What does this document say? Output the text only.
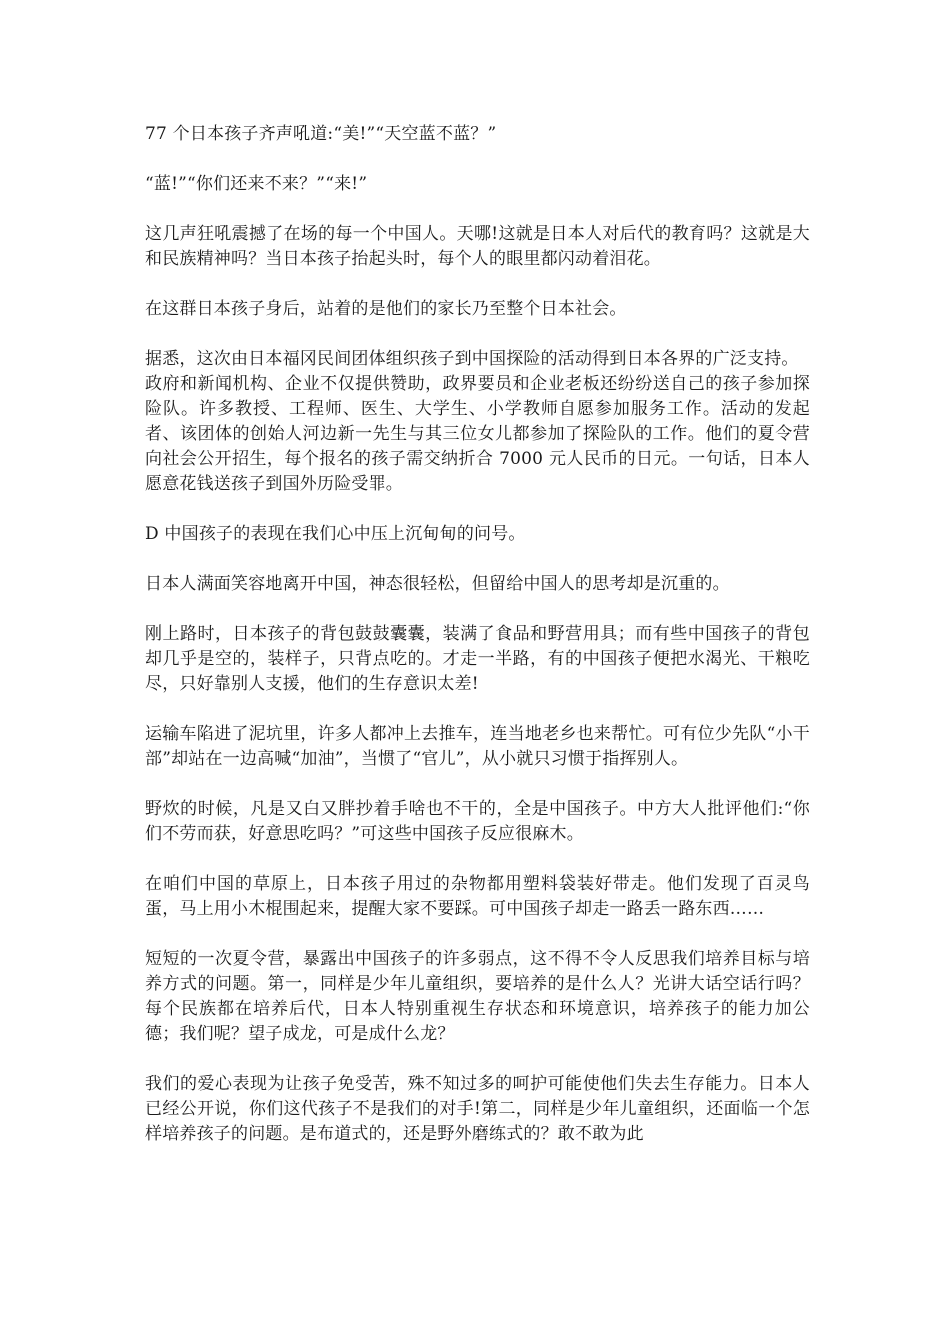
77 个日本孩子齐声吼道:“美!”“天空蓝不蓝？”

“蓝!”“你们还来不来？”“来!”

这几声狂吼震撼了在场的每一个中国人。天哪!这就是日本人对后代的教育吗？这就是大和民族精神吗？当日本孩子抬起头时，每个人的眼里都闪动着泪花。

在这群日本孩子身后，站着的是他们的家长乃至整个日本社会。

据悉，这次由日本福冈民间团体组织孩子到中国探险的活动得到日本各界的广泛支持。

政府和新闻机构、企业不仅提供赞助，政界要员和企业老板还纷纷送自己的孩子参加探险队。许多教授、工程师、医生、大学生、小学教师自愿参加服务工作。活动的发起者、该团体的创始人河边新一先生与其三位女儿都参加了探险队的工作。他们的夏令营向社会公开招生，每个报名的孩子需交纳折合 7000 元人民币的日元。一句话，日本人愿意花钱送孩子到国外历险受罪。

D 中国孩子的表现在我们心中压上沉甸甸的问号。

日本人满面笑容地离开中国，神态很轻松，但留给中国人的思考却是沉重的。

刚上路时，日本孩子的背包鼓鼓囊囊，装满了食品和野营用具；而有些中国孩子的背包却几乎是空的，装样子，只背点吃的。才走一半路，有的中国孩子便把水渴光、干粮吃尽，只好靠别人支援，他们的生存意识太差!

运输车陷进了泥坑里，许多人都冲上去推车，连当地老乡也来帮忙。可有位少先队“小干部”却站在一边高喊“加油”，当惯了“官儿”，从小就只习惯于指挥别人。

野炊的时候，凡是又白又胖抄着手啥也不干的，全是中国孩子。中方大人批评他们:“你们不劳而获，好意思吃吗？”可这些中国孩子反应很麻木。

在咱们中国的草原上，日本孩子用过的杂物都用塑料袋装好带走。他们发现了百灵鸟蛋，马上用小木棍围起来，提醒大家不要踩。可中国孩子却走一路丢一路东西……

短短的一次夏令营，暴露出中国孩子的许多弱点，这不得不令人反思我们培养目标与培养方式的问题。第一，同样是少年儿童组织，要培养的是什么人？光讲大话空话行吗？每个民族都在培养后代，日本人特别重视生存状态和环境意识，培养孩子的能力加公德；我们呢？望子成龙，可是成什么龙？

我们的爱心表现为让孩子免受苦，殊不知过多的呵护可能使他们失去生存能力。日本人已经公开说，你们这代孩子不是我们的对手!第二，同样是少年儿童组织，还面临一个怎样培养孩子的问题。是布道式的，还是野外磨练式的？敢不敢为此
